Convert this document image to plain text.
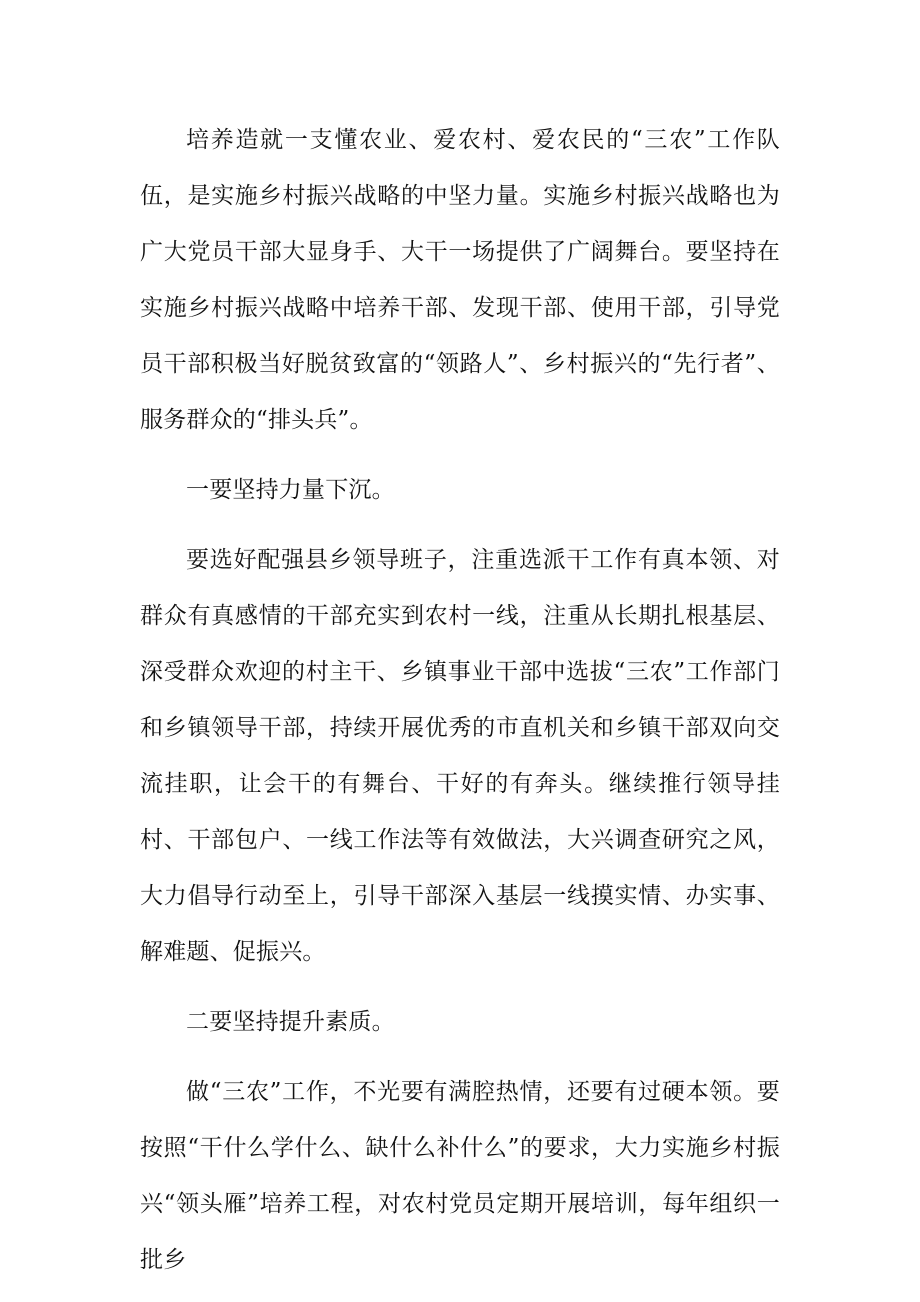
培养造就一支懂农业、爱农村、爱农民的“三农”工作队伍，是实施乡村振兴战略的中坚力量。实施乡村振兴战略也为广大党员干部大显身手、大干一场提供了广阔舞台。要坚持在实施乡村振兴战略中培养干部、发现干部、使用干部，引导党员干部积极当好脱贫致富的“领路人”、乡村振兴的“先行者”、服务群众的“排头兵”。

一要坚持力量下沉。

要选好配强县乡领导班子，注重选派干工作有真本领、对群众有真感情的干部充实到农村一线，注重从长期扎根基层、深受群众欢迎的村主干、乡镇事业干部中选拔“三农”工作部门和乡镇领导干部，持续开展优秀的市直机关和乡镇干部双向交流挂职，让会干的有舞台、干好的有奔头。继续推行领导挂村、干部包户、一线工作法等有效做法，大兴调查研究之风，大力倡导行动至上，引导干部深入基层一线摸实情、办实事、解难题、促振兴。

二要坚持提升素质。

做“三农”工作，不光要有满腔热情，还要有过硬本领。要按照“干什么学什么、缺什么补什么”的要求，大力实施乡村振兴“领头雁”培养工程，对农村党员定期开展培训，每年组织一批乡
